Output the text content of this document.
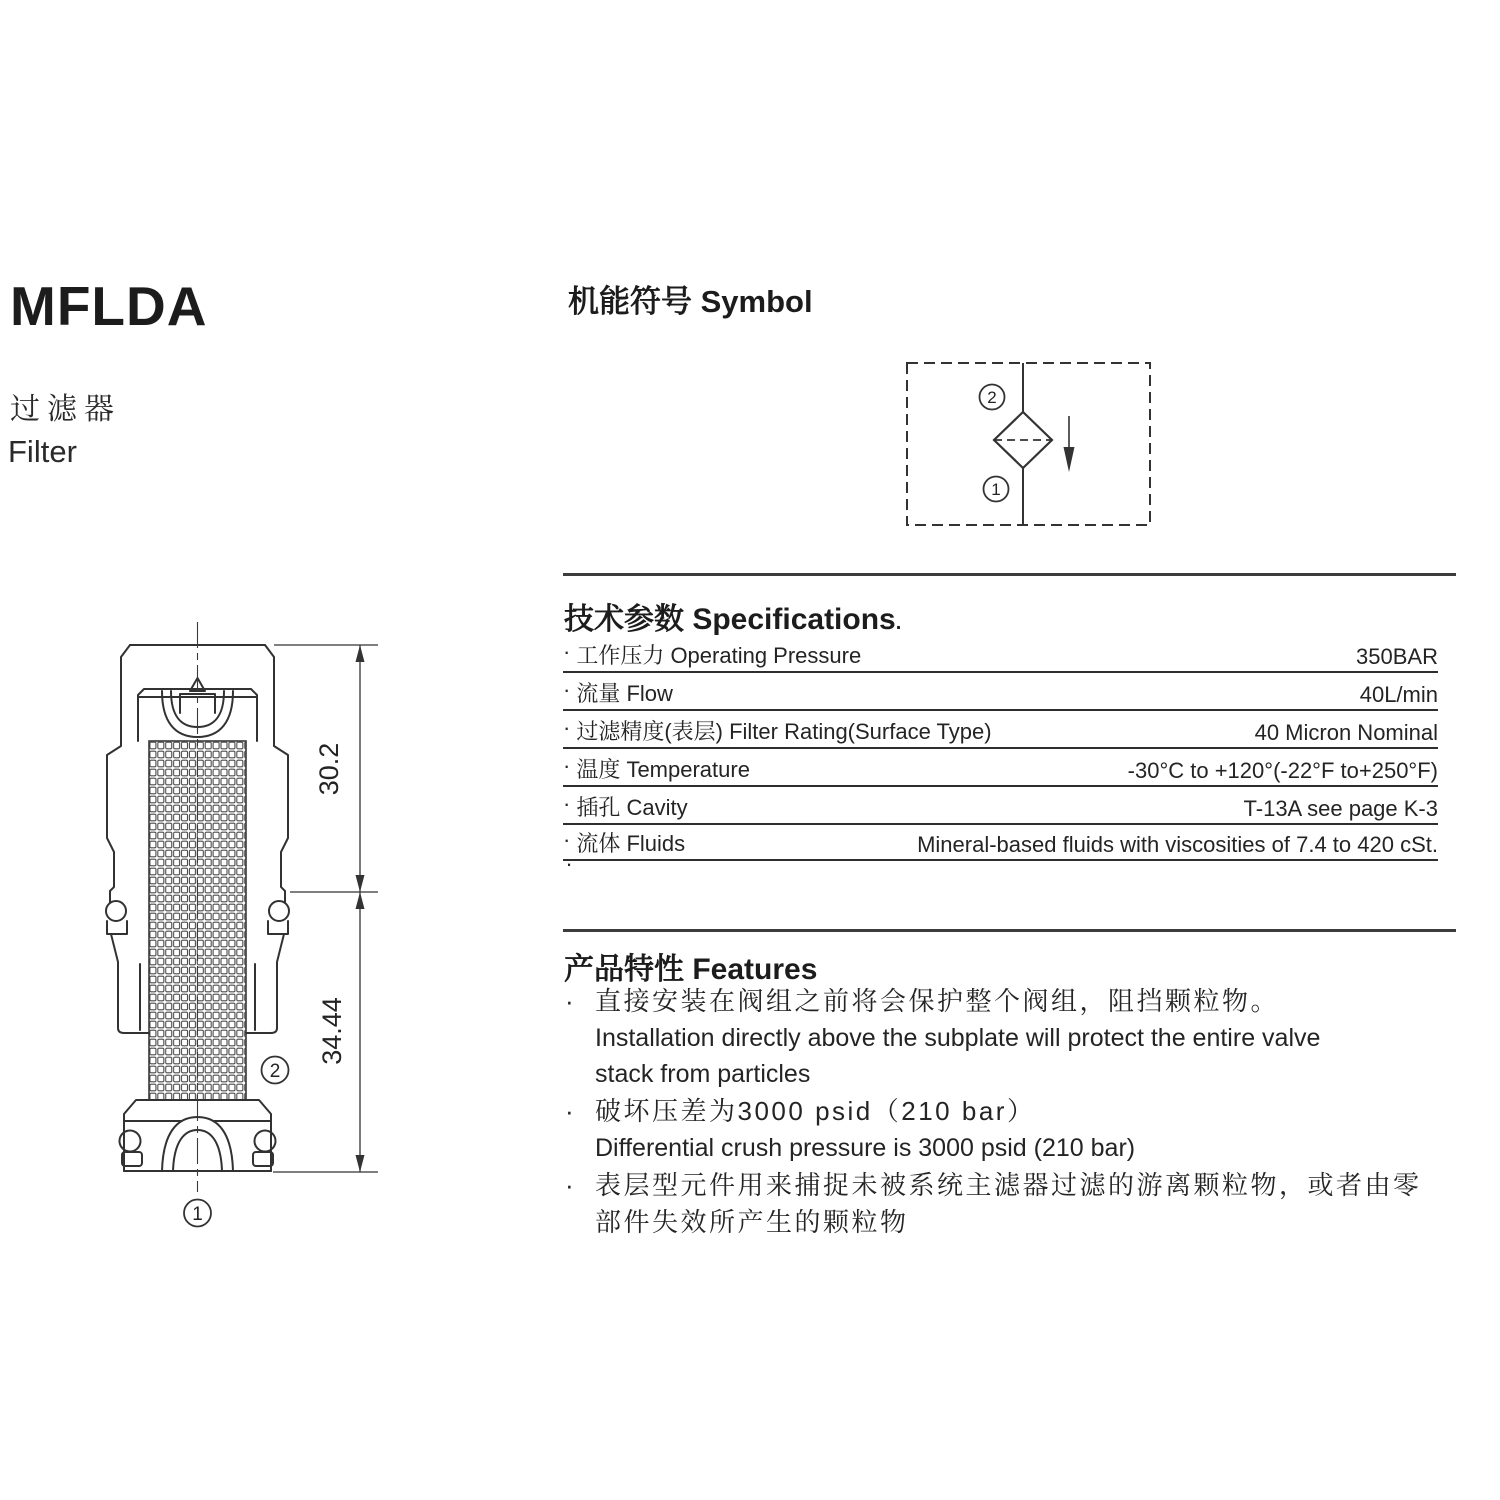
MFLDA
过滤器
Filter
机能符号 Symbol
2
1
技术参数 Specifications.
· 工作压力 Operating Pressure	350BAR
· 流量 Flow	40L/min
· 过滤精度(表层) Filter Rating(Surface Type)	40 Micron Nominal
· 温度 Temperature	-30°C to +120°(-22°F to+250°F)
· 插孔 Cavity	T-13A see page K-3
· 流体 Fluids	Mineral-based fluids with viscosities of 7.4 to 420 cSt.
.
产品特性 Features
· 直接安装在阀组之前将会保护整个阀组，阻挡颗粒物。
Installation directly above the subplate will protect the entire valve
stack from particles
· 破坏压差为3000 psid（210 bar）
Differential crush pressure is 3000 psid (210 bar)
· 表层型元件用来捕捉未被系统主滤器过滤的游离颗粒物，或者由零
部件失效所产生的颗粒物
30.2
34.44
2
1
